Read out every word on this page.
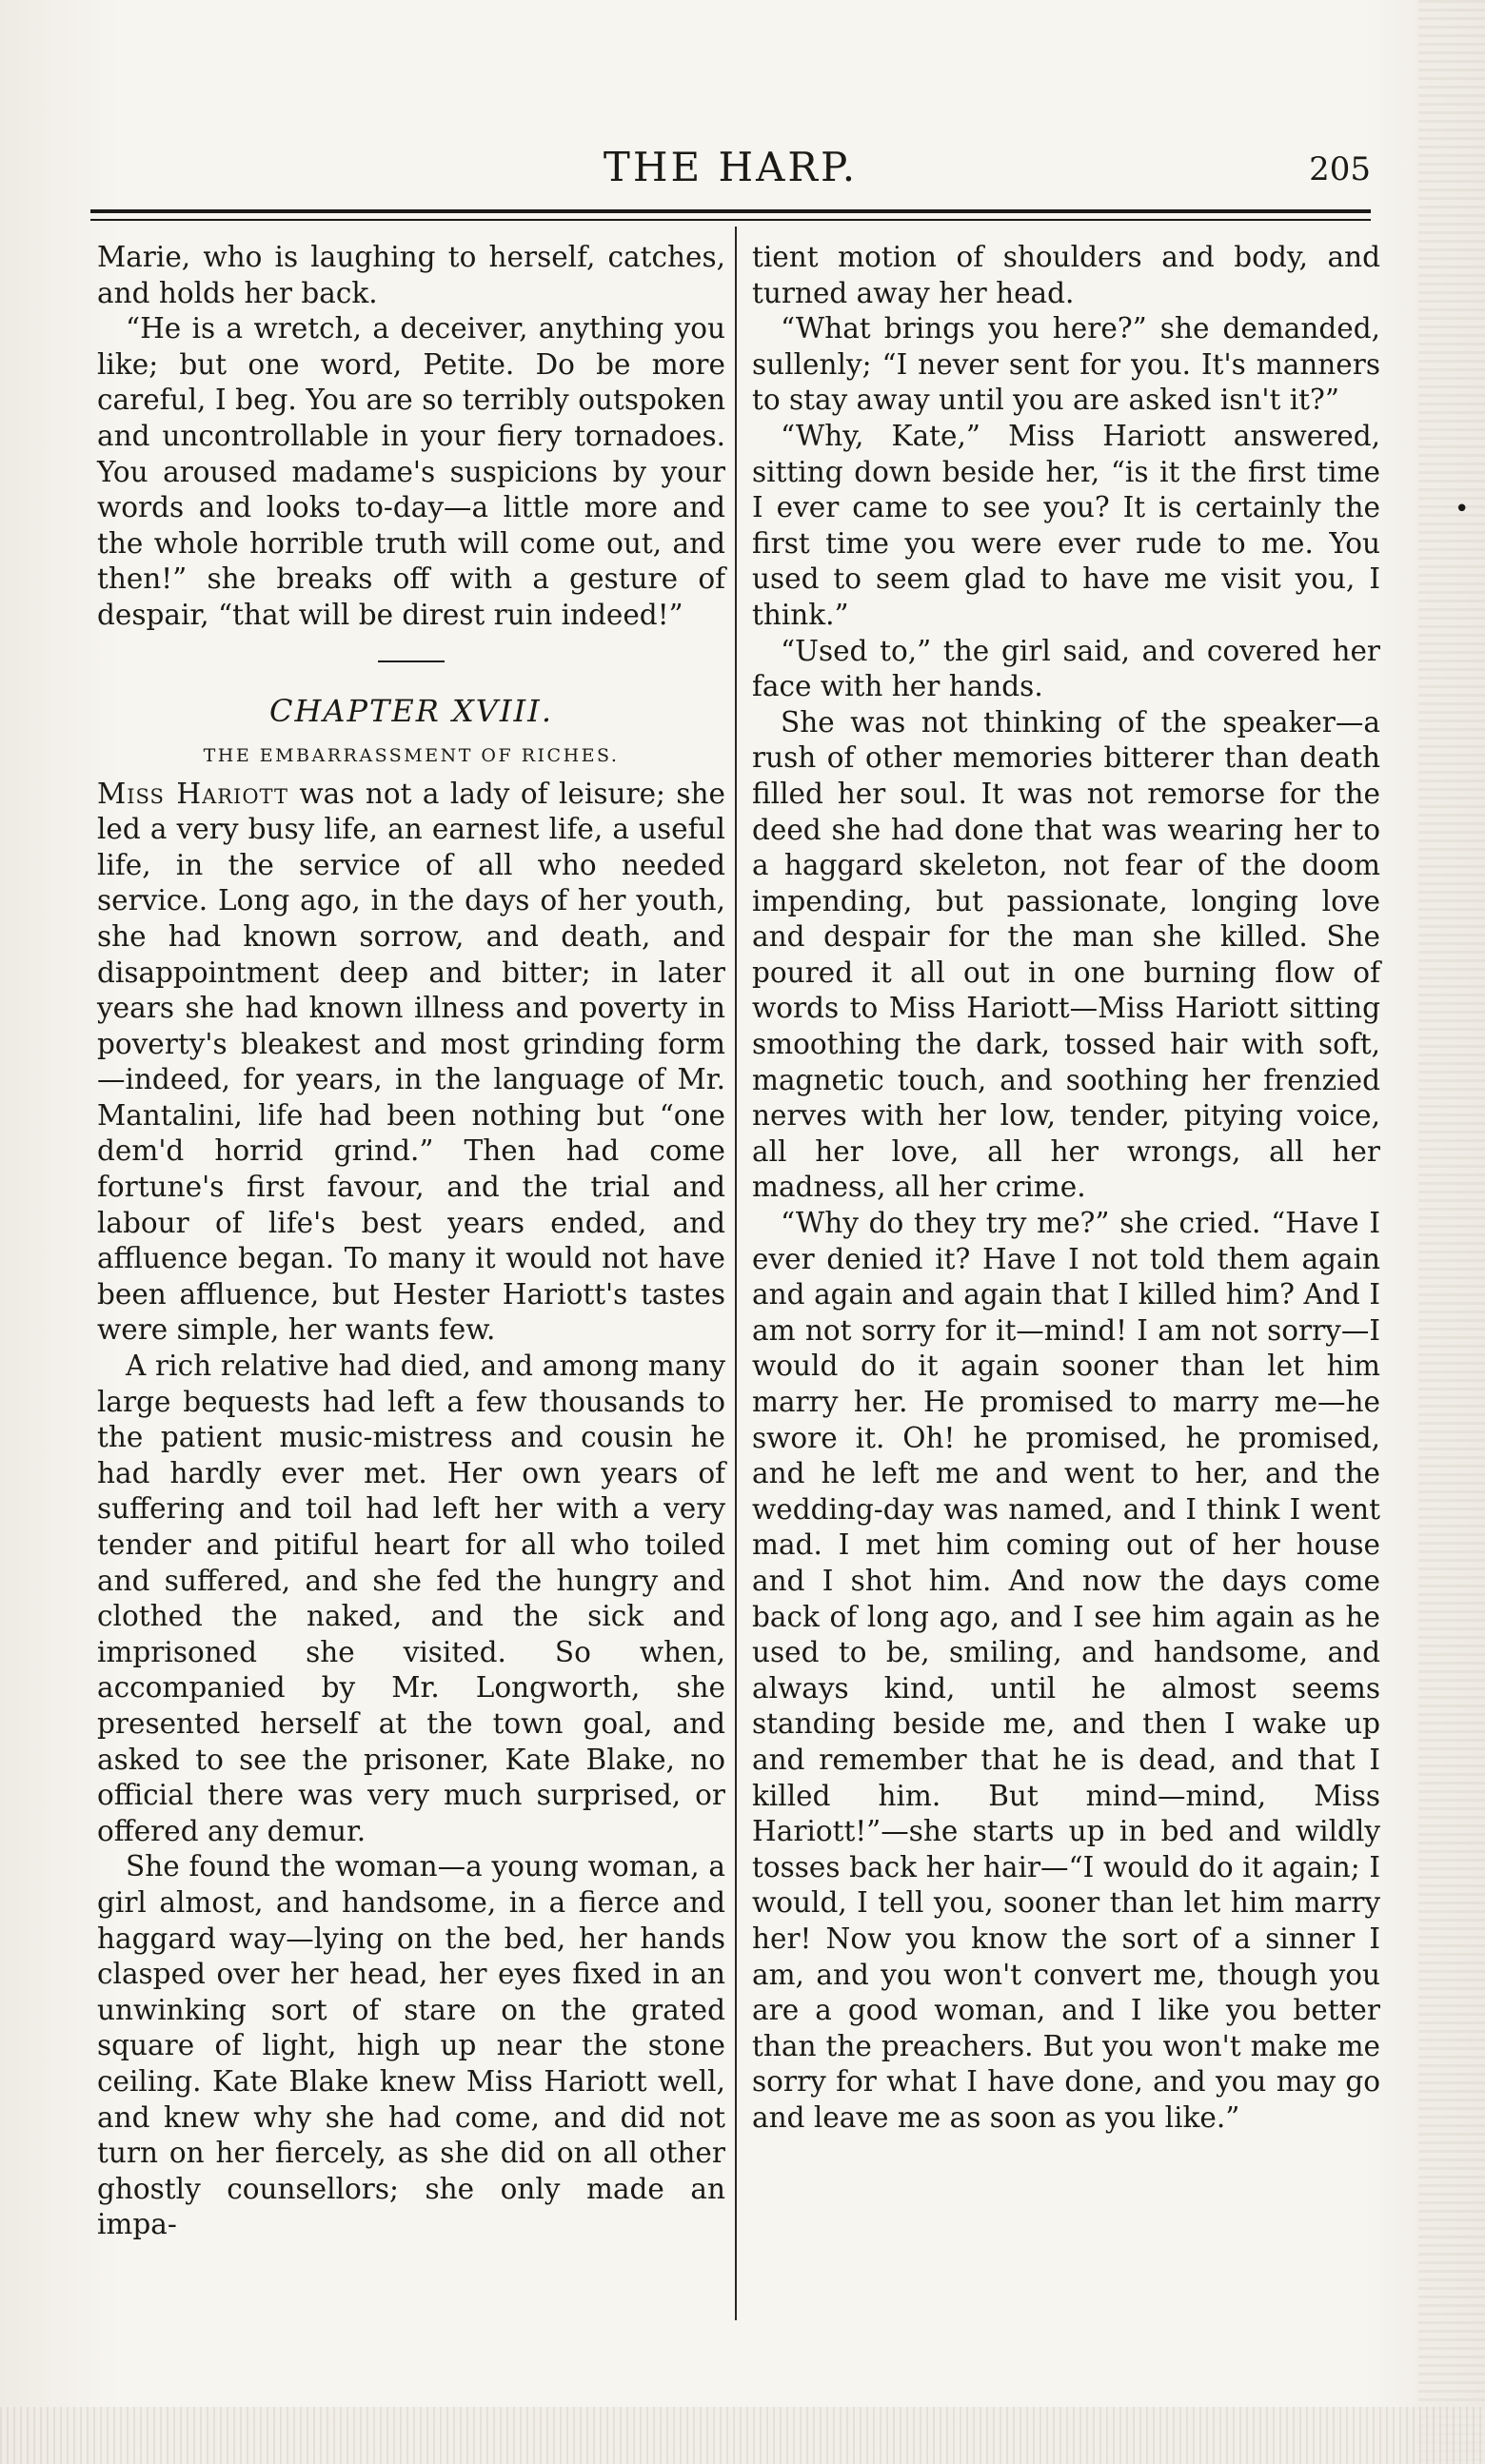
THE HARP.	205

Marie, who is laughing to herself, catches, and holds her back.

“He is a wretch, a deceiver, anything you like; but one word, Petite. Do be more careful, I beg. You are so terribly outspoken and uncontrollable in your fiery tornadoes. You aroused madame's suspicions by your words and looks to-day—a little more and the whole horrible truth will come out, and then!” she breaks off with a gesture of despair, “that will be direst ruin indeed!”

CHAPTER XVIII.
THE EMBARRASSMENT OF RICHES.

Miss Hariott was not a lady of leisure; she led a very busy life, an earnest life, a useful life, in the service of all who needed service. Long ago, in the days of her youth, she had known sorrow, and death, and disappointment deep and bitter; in later years she had known illness and poverty in poverty's bleakest and most grinding form—indeed, for years, in the language of Mr. Mantalini, life had been nothing but “one dem'd horrid grind.” Then had come fortune's first favour, and the trial and labour of life's best years ended, and affluence began. To many it would not have been affluence, but Hester Hariott's tastes were simple, her wants few.

A rich relative had died, and among many large bequests had left a few thousands to the patient music-mistress and cousin he had hardly ever met. Her own years of suffering and toil had left her with a very tender and pitiful heart for all who toiled and suffered, and she fed the hungry and clothed the naked, and the sick and imprisoned she visited. So when, accompanied by Mr. Longworth, she presented herself at the town goal, and asked to see the prisoner, Kate Blake, no official there was very much surprised, or offered any demur.

She found the woman—a young woman, a girl almost, and handsome, in a fierce and haggard way—lying on the bed, her hands clasped over her head, her eyes fixed in an unwinking sort of stare on the grated square of light, high up near the stone ceiling. Kate Blake knew Miss Hariott well, and knew why she had come, and did not turn on her fiercely, as she did on all other ghostly counsellors; she only made an impa-

tient motion of shoulders and body, and turned away her head.

“What brings you here?” she demanded, sullenly; “I never sent for you. It's manners to stay away until you are asked isn't it?”

“Why, Kate,” Miss Hariott answered, sitting down beside her, “is it the first time I ever came to see you? It is certainly the first time you were ever rude to me. You used to seem glad to have me visit you, I think.”

“Used to,” the girl said, and covered her face with her hands.

She was not thinking of the speaker—a rush of other memories bitterer than death filled her soul. It was not remorse for the deed she had done that was wearing her to a haggard skeleton, not fear of the doom impending, but passionate, longing love and despair for the man she killed. She poured it all out in one burning flow of words to Miss Hariott—Miss Hariott sitting smoothing the dark, tossed hair with soft, magnetic touch, and soothing her frenzied nerves with her low, tender, pitying voice, all her love, all her wrongs, all her madness, all her crime.

“Why do they try me?” she cried. “Have I ever denied it? Have I not told them again and again and again that I killed him? And I am not sorry for it—mind! I am not sorry—I would do it again sooner than let him marry her. He promised to marry me—he swore it. Oh! he promised, he promised, and he left me and went to her, and the wedding-day was named, and I think I went mad. I met him coming out of her house and I shot him. And now the days come back of long ago, and I see him again as he used to be, smiling, and handsome, and always kind, until he almost seems standing beside me, and then I wake up and remember that he is dead, and that I killed him. But mind—mind, Miss Hariott!”—she starts up in bed and wildly tosses back her hair—“I would do it again; I would, I tell you, sooner than let him marry her! Now you know the sort of a sinner I am, and you won't convert me, though you are a good woman, and I like you better than the preachers. But you won't make me sorry for what I have done, and you may go and leave me as soon as you like.”

•
